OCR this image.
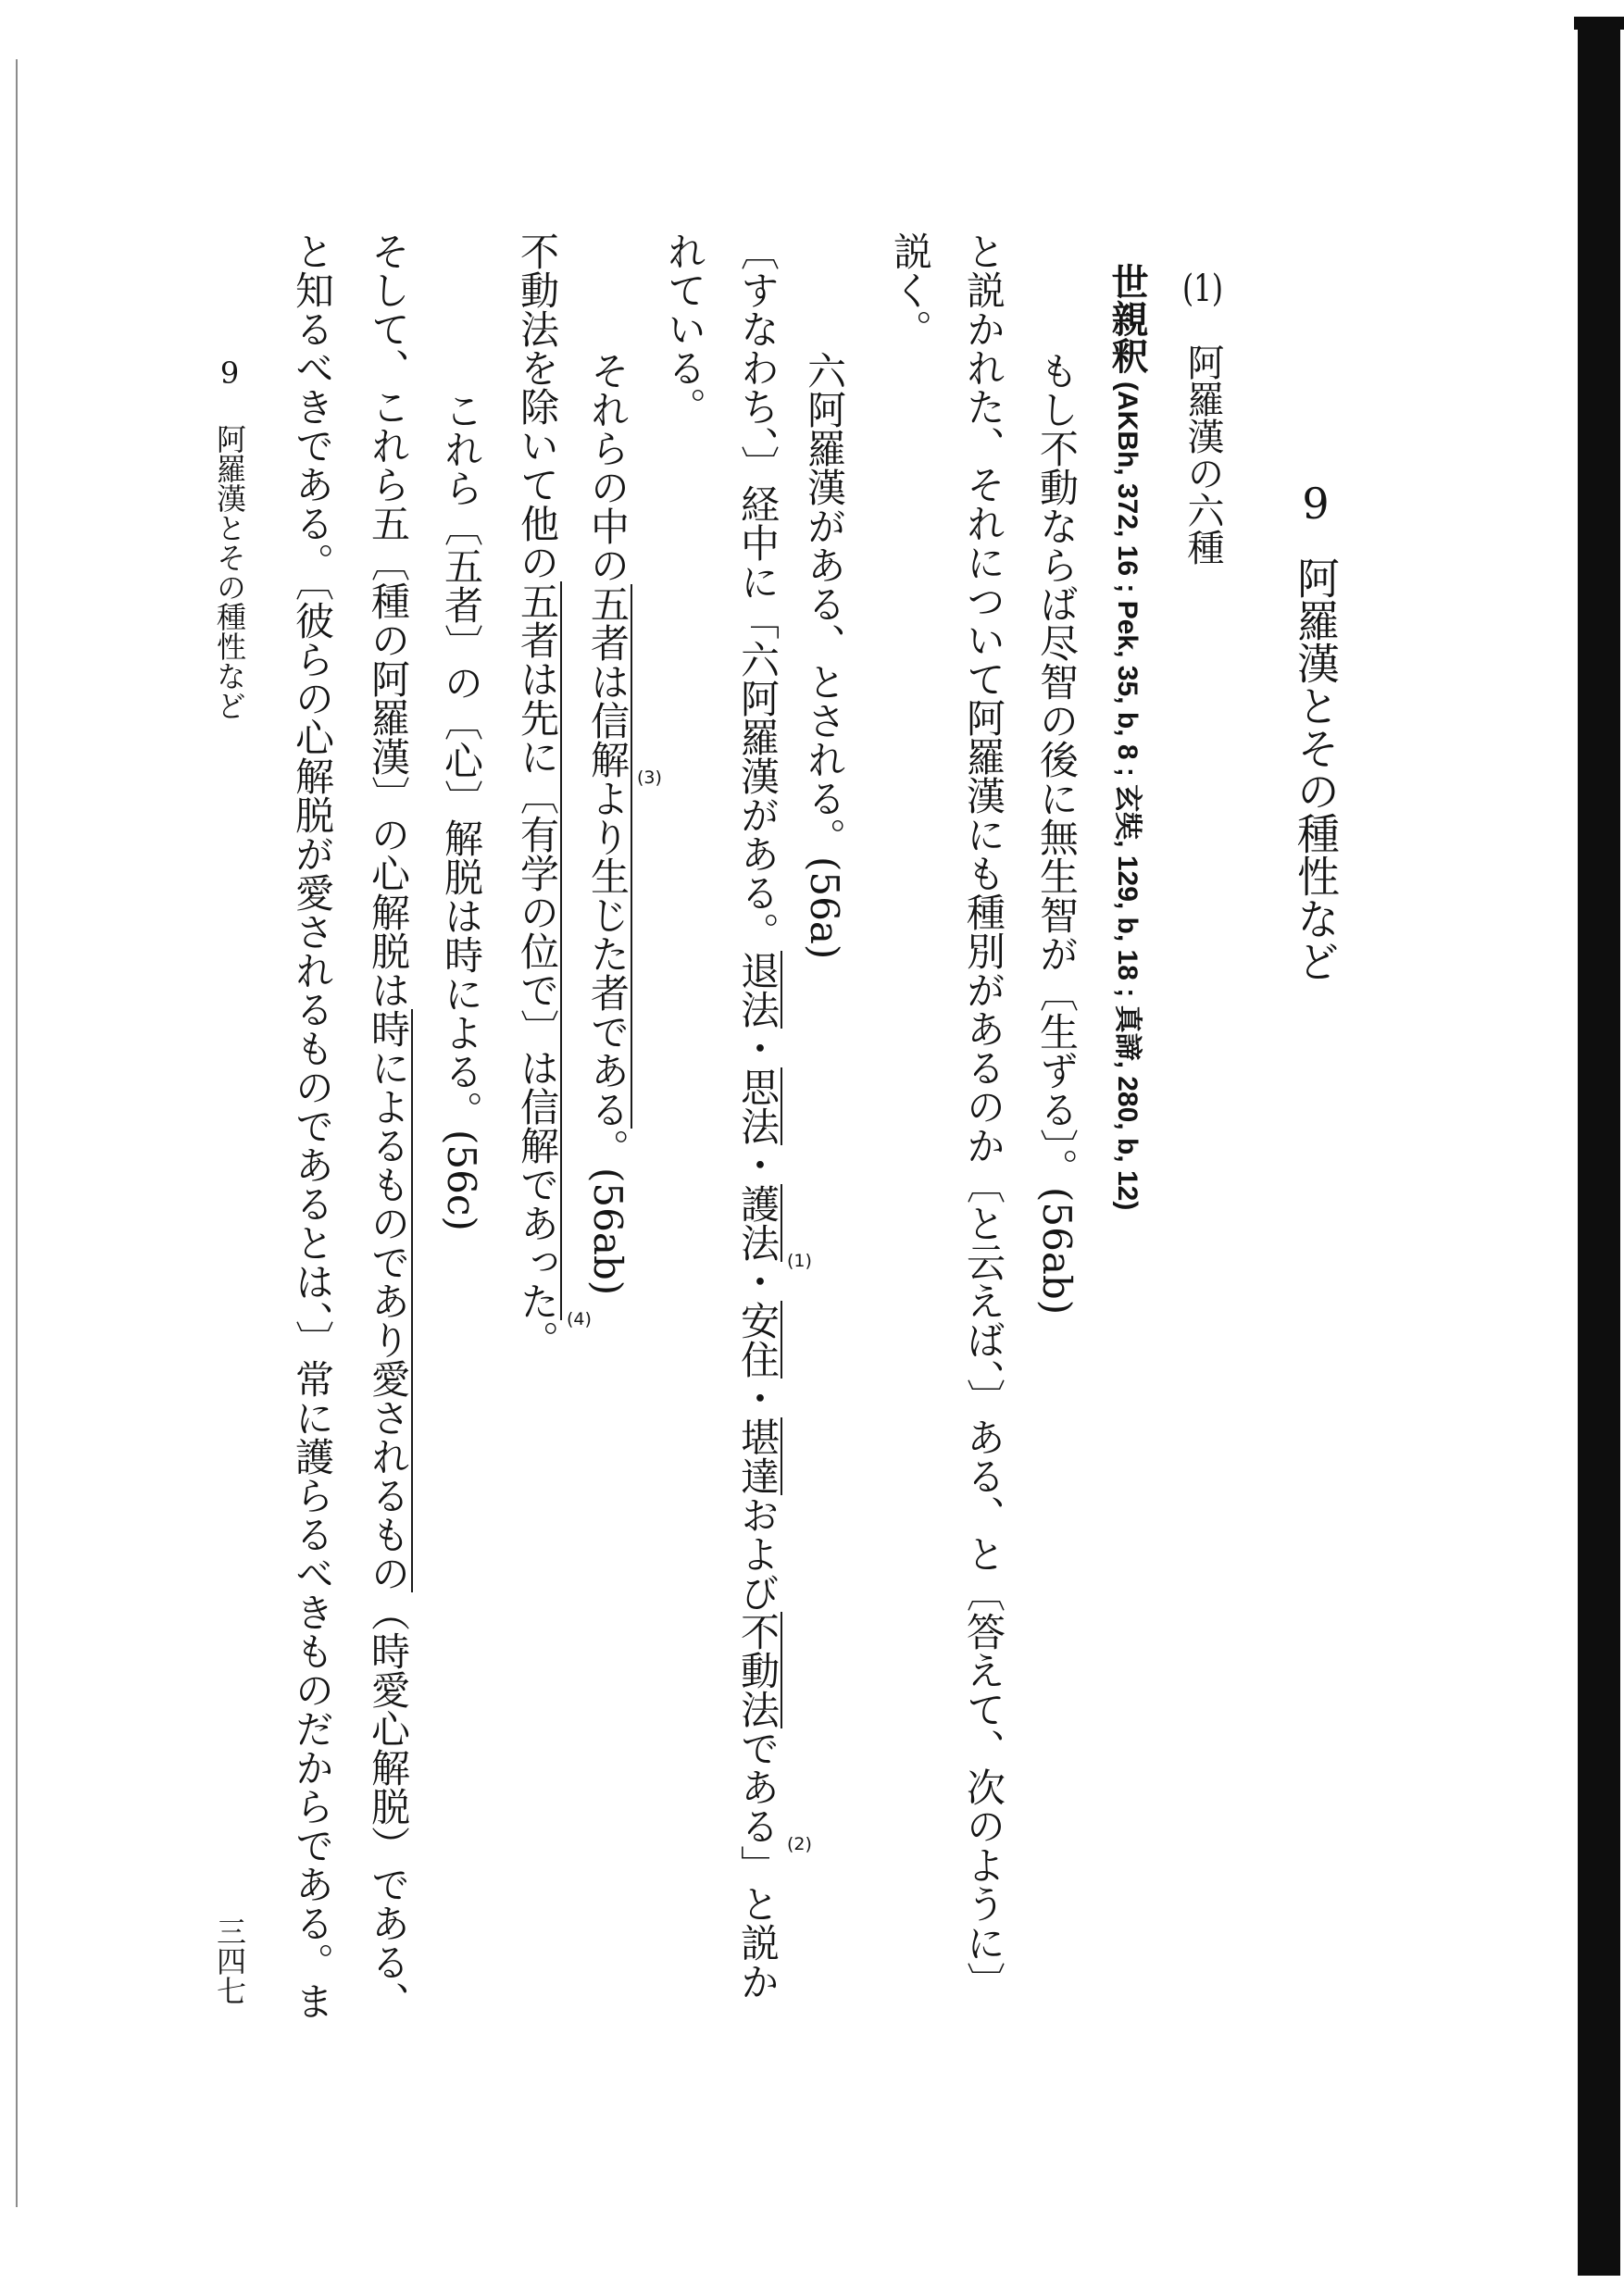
9阿羅漢とその種性など
(1)阿羅漢の六種
世親釈(AKBh, 372, 16 ; Pek, 35, b, 8 ; 玄奘, 129, b, 18 ; 真諦, 280, b, 12)
もし不動ならば尽智の後に無生智が〔生ずる〕。(56ab)
と説かれた、それについて阿羅漢にも種別があるのか〔と云えば、〕ある、と〔答えて、次のように〕
説く。
六阿羅漢がある、とされる。(56a)
〔すなわち、〕経中に「六阿羅漢がある。退法・思法・護法 (1)
・安住・堪達および不動法である (2)
」と説か
れている。
それらの中の五者は信解 (3)
より生じた者である。(56ab)
不動法を除いて他の五者は先に〔有学の位で〕は信解であった (4)
。
これら〔五者〕の〔心〕解脱は時による。(56c)
そして、これら五〔種の阿羅漢〕の心解脱は時によるものであり愛されるもの（時愛心解脱）である、
と知るべきである。〔彼らの心解脱が愛されるものであるとは、〕常に護らるべきものだからである。ま
9阿羅漢とその種性など
三四七
